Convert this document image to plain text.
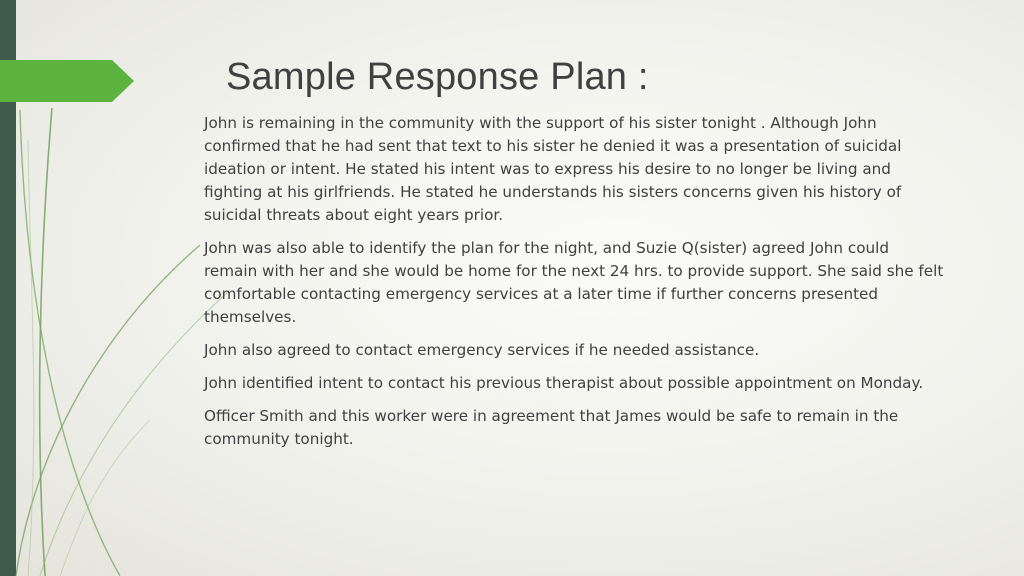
Sample Response Plan :

John is remaining in the community with the support of his sister tonight . Although John confirmed that he had sent that text to his sister he denied it was a presentation of suicidal ideation or intent. He stated his intent was to express his desire to no longer be living and fighting at his girlfriends. He stated he understands his sisters concerns given his history of suicidal threats about eight years prior.

John was also able to identify the plan for the night, and Suzie Q(sister) agreed John could remain with her and she would be home for the next 24 hrs. to provide support. She said she felt comfortable contacting emergency services at a later time if further concerns presented themselves.

John also agreed to contact emergency services if he needed assistance.

John identified intent to contact his previous therapist about possible appointment on Monday.

Officer Smith and this worker were in agreement that James would be safe to remain in the community tonight.
